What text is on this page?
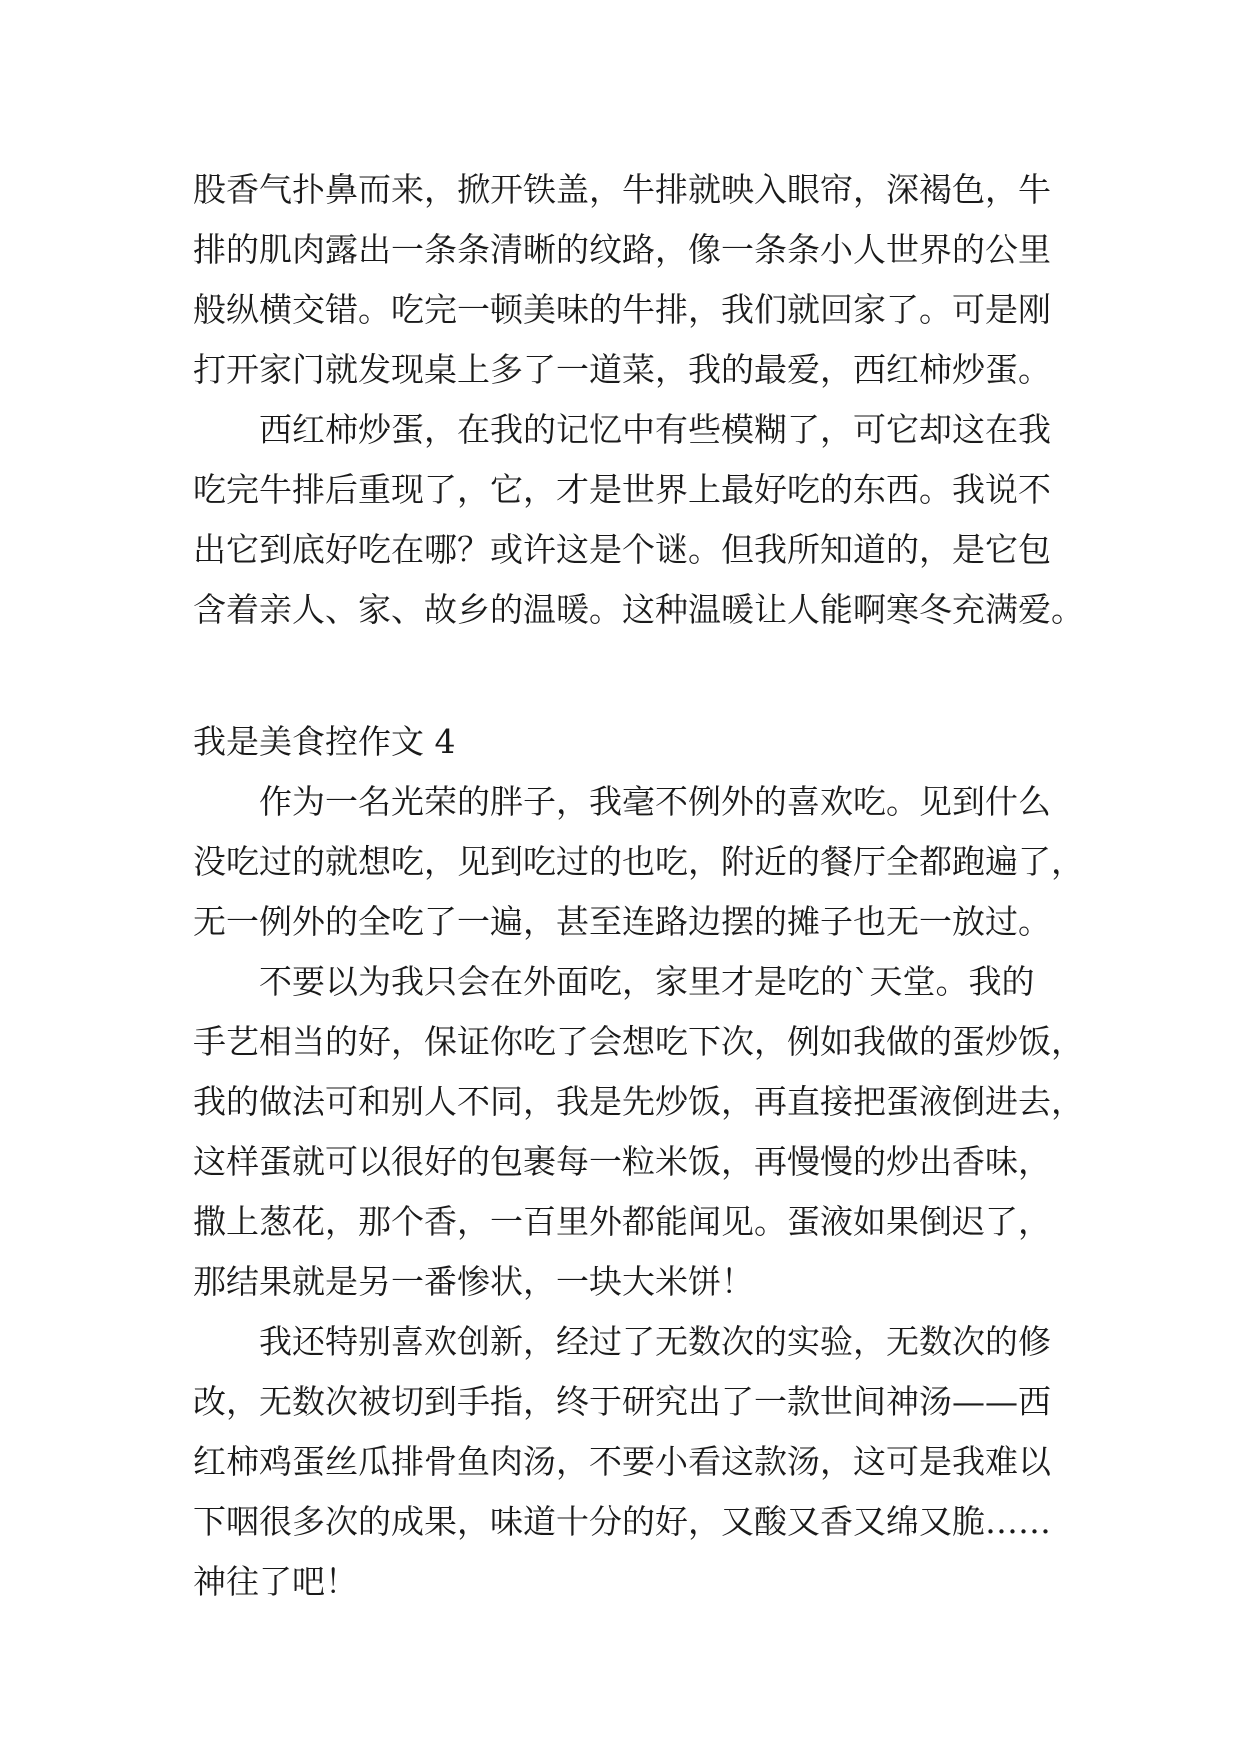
股香气扑鼻而来，掀开铁盖，牛排就映入眼帘，深褐色，牛
排的肌肉露出一条条清晰的纹路，像一条条小人世界的公里
般纵横交错。吃完一顿美味的牛排，我们就回家了。可是刚
打开家门就发现桌上多了一道菜，我的最爱，西红柿炒蛋。
西红柿炒蛋，在我的记忆中有些模糊了，可它却这在我
吃完牛排后重现了，它，才是世界上最好吃的东西。我说不
出它到底好吃在哪？或许这是个谜。但我所知道的，是它包
含着亲人、家、故乡的温暖。这种温暖让人能啊寒冬充满爱。
我是美食控作文 4
作为一名光荣的胖子，我毫不例外的喜欢吃。见到什么
没吃过的就想吃，见到吃过的也吃，附近的餐厅全都跑遍了，
无一例外的全吃了一遍，甚至连路边摆的摊子也无一放过。
不要以为我只会在外面吃，家里才是吃的`天堂。我的
手艺相当的好，保证你吃了会想吃下次，例如我做的蛋炒饭，
我的做法可和别人不同，我是先炒饭，再直接把蛋液倒进去，
这样蛋就可以很好的包裹每一粒米饭，再慢慢的炒出香味，
撒上葱花，那个香，一百里外都能闻见。蛋液如果倒迟了，
那结果就是另一番惨状，一块大米饼！
我还特别喜欢创新，经过了无数次的实验，无数次的修
改，无数次被切到手指，终于研究出了一款世间神汤——西
红柿鸡蛋丝瓜排骨鱼肉汤，不要小看这款汤，这可是我难以
下咽很多次的成果，味道十分的好，又酸又香又绵又脆……
神往了吧！
